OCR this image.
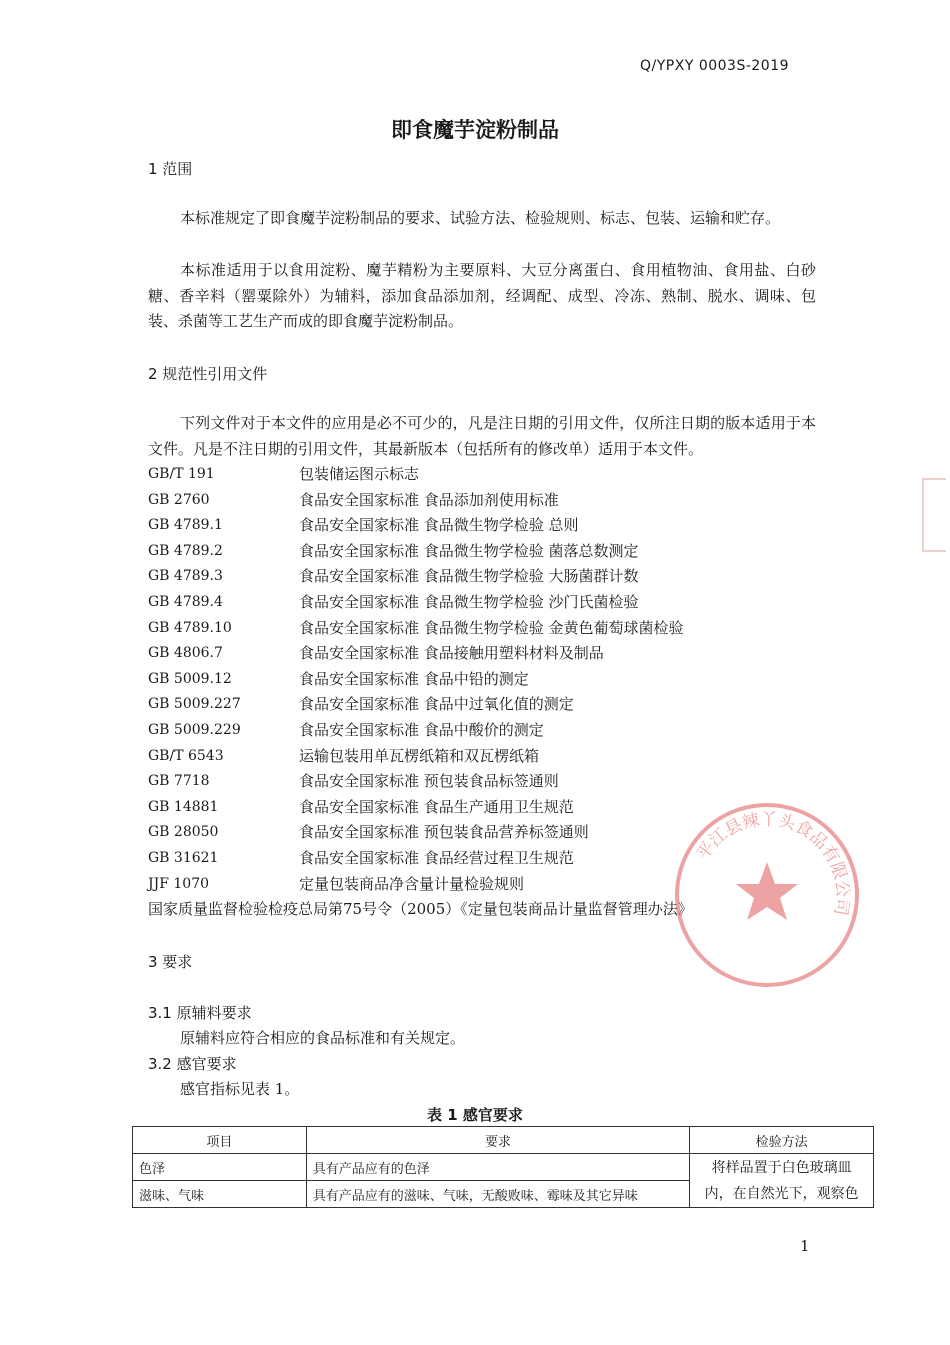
Q/YPXY 0003S-2019
即食魔芋淀粉制品
1 范围
本标准规定了即食魔芋淀粉制品的要求、试验方法、检验规则、标志、包装、运输和贮存。
本标准适用于以食用淀粉、魔芋精粉为主要原料、大豆分离蛋白、食用植物油、食用盐、白砂糖、香辛料（罂粟除外）为辅料，添加食品添加剂，经调配、成型、冷冻、熟制、脱水、调味、包装、杀菌等工艺生产而成的即食魔芋淀粉制品。
2 规范性引用文件
下列文件对于本文件的应用是必不可少的，凡是注日期的引用文件，仅所注日期的版本适用于本文件。凡是不注日期的引用文件，其最新版本（包括所有的修改单）适用于本文件。
GB/T 191	包装储运图示标志
GB 2760	食品安全国家标准 食品添加剂使用标准
GB 4789.1	食品安全国家标准 食品微生物学检验 总则
GB 4789.2	食品安全国家标准 食品微生物学检验 菌落总数测定
GB 4789.3	食品安全国家标准 食品微生物学检验 大肠菌群计数
GB 4789.4	食品安全国家标准 食品微生物学检验 沙门氏菌检验
GB 4789.10	食品安全国家标准 食品微生物学检验 金黄色葡萄球菌检验
GB 4806.7	食品安全国家标准 食品接触用塑料材料及制品
GB 5009.12	食品安全国家标准 食品中铅的测定
GB 5009.227	食品安全国家标准 食品中过氧化值的测定
GB 5009.229	食品安全国家标准 食品中酸价的测定
GB/T 6543	运输包装用单瓦楞纸箱和双瓦楞纸箱
GB 7718	食品安全国家标准 预包装食品标签通则
GB 14881	食品安全国家标准 食品生产通用卫生规范
GB 28050	食品安全国家标准 预包装食品营养标签通则
GB 31621	食品安全国家标准 食品经营过程卫生规范
JJF 1070	定量包装商品净含量计量检验规则
国家质量监督检验检疫总局第75号令（2005）《定量包装商品计量监督管理办法》
3 要求
3.1 原辅料要求
原辅料应符合相应的食品标准和有关规定。
3.2 感官要求
感官指标见表 1。
表 1 感官要求
项目	要求	检验方法
色泽	具有产品应有的色泽	将样品置于白色玻璃皿
内，在自然光下，观察色

滋味、气味	具有产品应有的滋味、气味，无酸败味、霉味及其它异味	
1
平江县辣丫头食品有限公司
